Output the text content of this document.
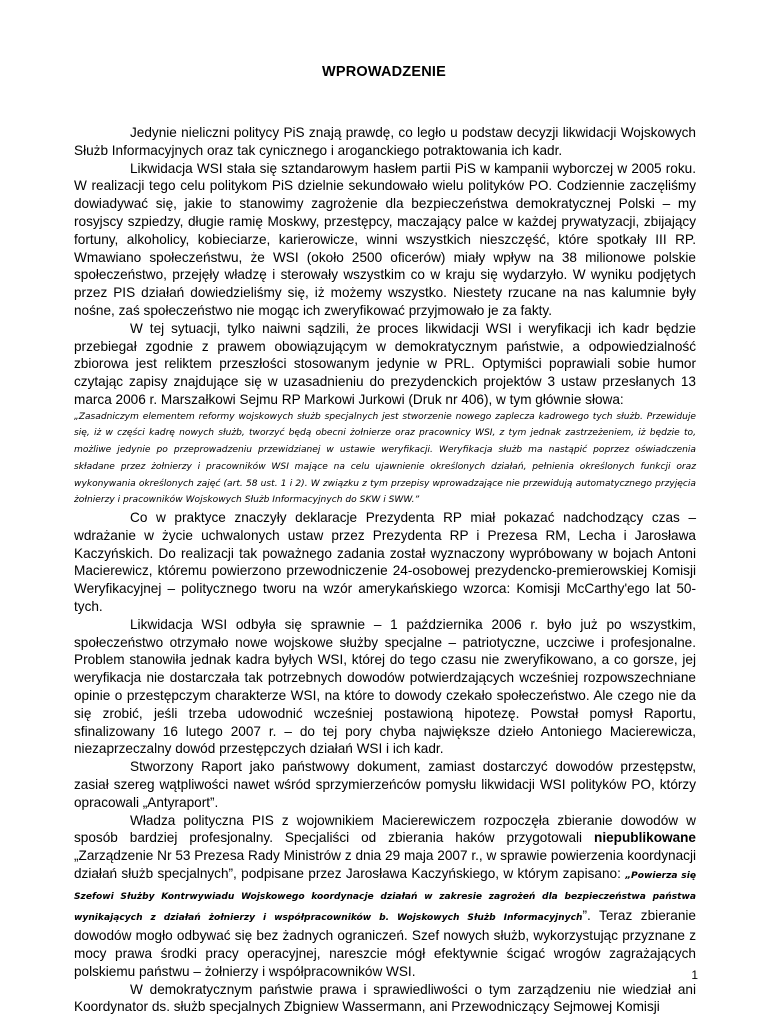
WPROWADZENIE

Jedynie nieliczni politycy PiS znają prawdę, co legło u podstaw decyzji likwidacji Wojskowych Służb Informacyjnych oraz tak cynicznego i aroganckiego potraktowania ich kadr.

Likwidacja WSI stała się sztandarowym hasłem partii PiS w kampanii wyborczej w 2005 roku. W realizacji tego celu politykom PiS dzielnie sekundowało wielu polityków PO. Codziennie zaczęliśmy dowiadywać się, jakie to stanowimy zagrożenie dla bezpieczeństwa demokratycznej Polski – my rosyjscy szpiedzy, długie ramię Moskwy, przestępcy, maczający palce w każdej prywatyzacji, zbijający fortuny, alkoholicy, kobieciarze, karierowicze, winni wszystkich nieszczęść, które spotkały III RP. Wmawiano społeczeństwu, że WSI (około 2500 oficerów) miały wpływ na 38 milionowe polskie społeczeństwo, przejęły władzę i sterowały wszystkim co w kraju się wydarzyło. W wyniku podjętych przez PIS działań dowiedzieliśmy się, iż możemy wszystko. Niestety rzucane na nas kalumnie były nośne, zaś społeczeństwo nie mogąc ich zweryfikować przyjmowało je za fakty.

W tej sytuacji, tylko naiwni sądzili, że proces likwidacji WSI i weryfikacji ich kadr będzie przebiegał zgodnie z prawem obowiązującym w demokratycznym państwie, a odpowiedzialność zbiorowa jest reliktem przeszłości stosowanym jedynie w PRL. Optymiści poprawiali sobie humor czytając zapisy znajdujące się w uzasadnieniu do prezydenckich projektów 3 ustaw przesłanych 13 marca 2006 r. Marszałkowi Sejmu RP Markowi Jurkowi (Druk nr 406), w tym głównie słowa:

„Zasadniczym elementem reformy wojskowych służb specjalnych jest stworzenie nowego zaplecza kadrowego tych służb. Przewiduje się, iż w części kadrę nowych służb, tworzyć będą obecni żołnierze oraz pracownicy WSI, z tym jednak zastrzeżeniem, iż będzie to, możliwe jedynie po przeprowadzeniu przewidzianej w ustawie weryfikacji. Weryfikacja służb ma nastąpić poprzez oświadczenia składane przez żołnierzy i pracowników WSI mające na celu ujawnienie określonych działań, pełnienia określonych funkcji oraz wykonywania określonych zajęć (art. 58 ust. 1 i 2). W związku z tym przepisy wprowadzające nie przewidują automatycznego przyjęcia żołnierzy i pracowników Wojskowych Służb Informacyjnych do SKW i SWW.”

Co w praktyce znaczyły deklaracje Prezydenta RP miał pokazać nadchodzący czas – wdrażanie w życie uchwalonych ustaw przez Prezydenta RP i Prezesa RM, Lecha i Jarosława Kaczyńskich. Do realizacji tak poważnego zadania został wyznaczony wypróbowany w bojach Antoni Macierewicz, któremu powierzono przewodniczenie 24-osobowej prezydencko-premierowskiej Komisji Weryfikacyjnej – politycznego tworu na wzór amerykańskiego wzorca: Komisji McCarthy'ego lat 50-tych.

Likwidacja WSI odbyła się sprawnie – 1 października 2006 r. było już po wszystkim, społeczeństwo otrzymało nowe wojskowe służby specjalne – patriotyczne, uczciwe i profesjonalne. Problem stanowiła jednak kadra byłych WSI, której do tego czasu nie zweryfikowano, a co gorsze, jej weryfikacja nie dostarczała tak potrzebnych dowodów potwierdzających wcześniej rozpowszechniane opinie o przestępczym charakterze WSI, na które to dowody czekało społeczeństwo. Ale czego nie da się zrobić, jeśli trzeba udowodnić wcześniej postawioną hipotezę. Powstał pomysł Raportu, sfinalizowany 16 lutego 2007 r. – do tej pory chyba największe dzieło Antoniego Macierewicza, niezaprzeczalny dowód przestępczych działań WSI i ich kadr.

Stworzony Raport jako państwowy dokument, zamiast dostarczyć dowodów przestępstw, zasiał szereg wątpliwości nawet wśród sprzymierzeńców pomysłu likwidacji WSI polityków PO, którzy opracowali „Antyraport”.

Władza polityczna PIS z wojownikiem Macierewiczem rozpoczęła zbieranie dowodów w sposób bardziej profesjonalny. Specjaliści od zbierania haków przygotowali niepublikowane „Zarządzenie Nr 53 Prezesa Rady Ministrów z dnia 29 maja 2007 r., w sprawie powierzenia koordynacji działań służb specjalnych”, podpisane przez Jarosława Kaczyńskiego, w którym zapisano: „Powierza się Szefowi Służby Kontrwywiadu Wojskowego koordynacje działań w zakresie zagrożeń dla bezpieczeństwa państwa wynikających z działań żołnierzy i współpracowników b. Wojskowych Służb Informacyjnych”. Teraz zbieranie dowodów mogło odbywać się bez żadnych ograniczeń. Szef nowych służb, wykorzystując przyznane z mocy prawa środki pracy operacyjnej, nareszcie mógł efektywnie ścigać wrogów zagrażających polskiemu państwu – żołnierzy i współpracowników WSI.

W demokratycznym państwie prawa i sprawiedliwości o tym zarządzeniu nie wiedział ani Koordynator ds. służb specjalnych Zbigniew Wassermann, ani Przewodniczący Sejmowej Komisji

1
